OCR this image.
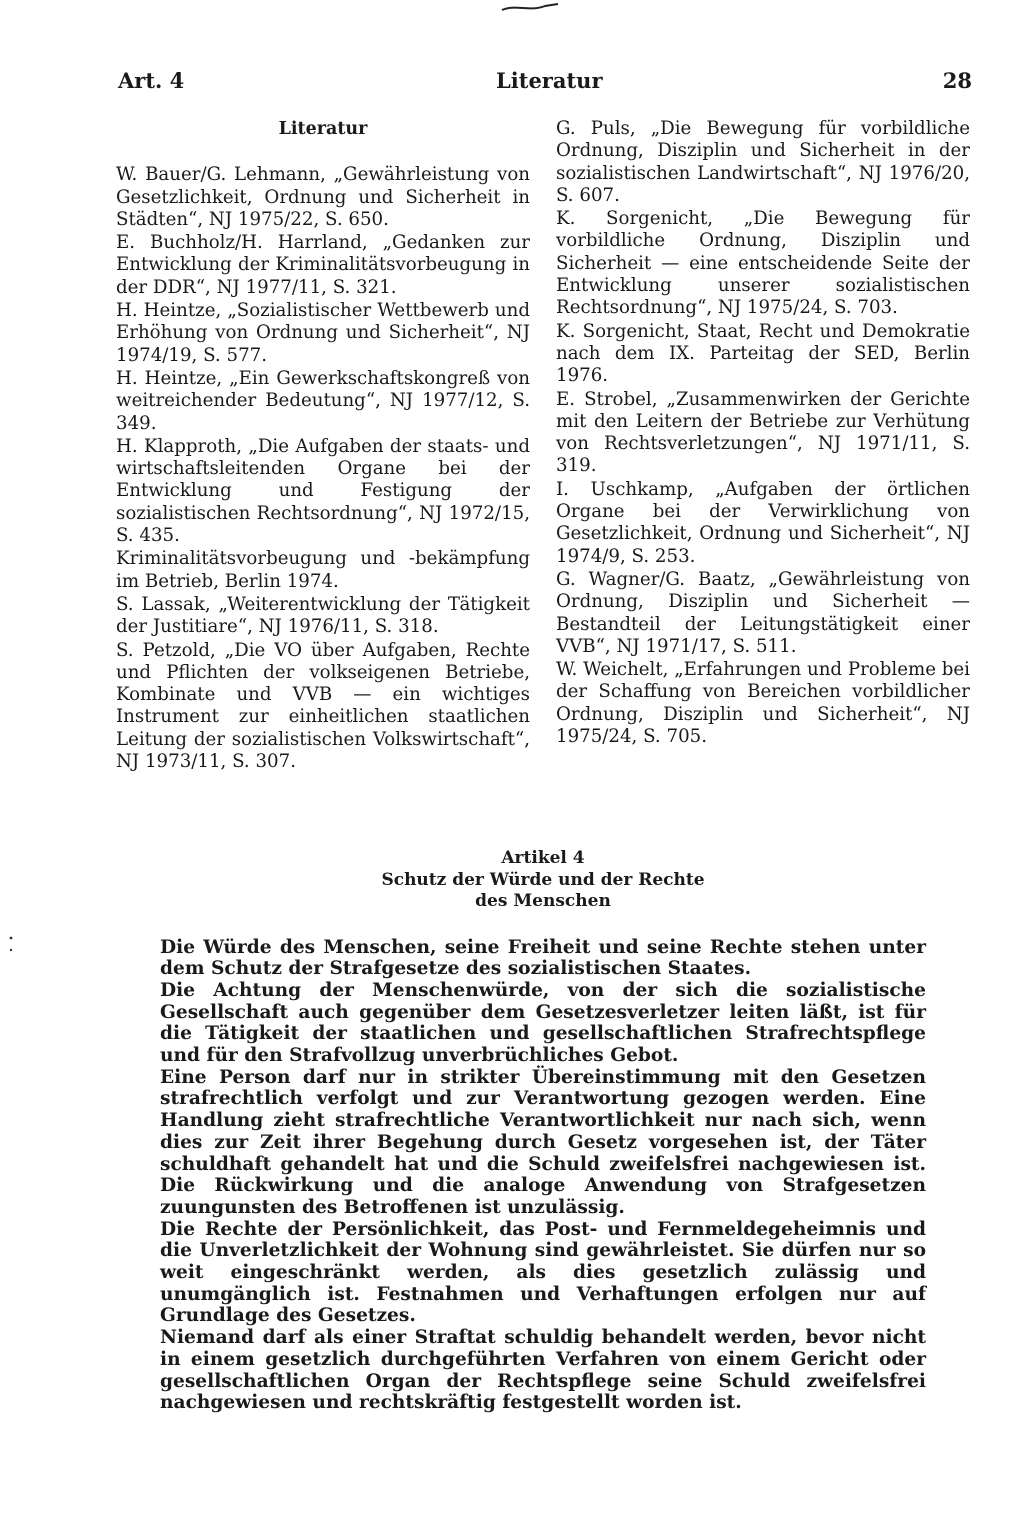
Art. 4	Literatur	28
Literatur

W. Bauer/G. Lehmann, „Gewährleistung von Gesetzlichkeit, Ordnung und Sicherheit in Städten“, NJ 1975/22, S. 650.

E. Buchholz/H. Harrland, „Gedanken zur Entwicklung der Kriminalitätsvorbeugung in der DDR“, NJ 1977/11, S. 321.

H. Heintze, „Sozialistischer Wettbewerb und Erhöhung von Ordnung und Sicherheit“, NJ 1974/19, S. 577.

H. Heintze, „Ein Gewerkschaftskongreß von weitreichender Bedeutung“, NJ 1977/12, S. 349.

H. Klapproth, „Die Aufgaben der staats- und wirtschaftsleitenden Organe bei der Entwicklung und Festigung der sozialistischen Rechtsordnung“, NJ 1972/15, S. 435.

Kriminalitätsvorbeugung und -bekämpfung im Betrieb, Berlin 1974.

S. Lassak, „Weiterentwicklung der Tätigkeit der Justitiare“, NJ 1976/11, S. 318.

S. Petzold, „Die VO über Aufgaben, Rechte und Pflichten der volkseigenen Betriebe, Kombinate und VVB — ein wichtiges Instrument zur einheitlichen staatlichen Leitung der sozialistischen Volkswirtschaft“, NJ 1973/11, S. 307.

G. Puls, „Die Bewegung für vorbildliche Ordnung, Disziplin und Sicherheit in der sozialistischen Landwirtschaft“, NJ 1976/20, S. 607.

K. Sorgenicht, „Die Bewegung für vorbildliche Ordnung, Disziplin und Sicherheit — eine entscheidende Seite der Entwicklung unserer sozialistischen Rechtsordnung“, NJ 1975/24, S. 703.

K. Sorgenicht, Staat, Recht und Demokratie nach dem IX. Parteitag der SED, Berlin 1976.

E. Strobel, „Zusammenwirken der Gerichte mit den Leitern der Betriebe zur Verhütung von Rechtsverletzungen“, NJ 1971/11, S. 319.

I. Uschkamp, „Aufgaben der örtlichen Organe bei der Verwirklichung von Gesetzlichkeit, Ordnung und Sicherheit“, NJ 1974/9, S. 253.

G. Wagner/G. Baatz, „Gewährleistung von Ordnung, Disziplin und Sicherheit — Bestandteil der Leitungstätigkeit einer VVB“, NJ 1971/17, S. 511.

W. Weichelt, „Erfahrungen und Probleme bei der Schaffung von Bereichen vorbildlicher Ordnung, Disziplin und Sicherheit“, NJ 1975/24, S. 705.

Artikel 4
Schutz der Würde und der Rechte
des Menschen

Die Würde des Menschen, seine Freiheit und seine Rechte stehen unter dem Schutz der Strafgesetze des sozialistischen Staates.

Die Achtung der Menschenwürde, von der sich die sozialistische Gesellschaft auch gegenüber dem Gesetzesverletzer leiten läßt, ist für die Tätigkeit der staatlichen und gesellschaftlichen Strafrechtspflege und für den Strafvollzug unverbrüchliches Gebot.

Eine Person darf nur in strikter Übereinstimmung mit den Gesetzen strafrechtlich verfolgt und zur Verantwortung gezogen werden. Eine Handlung zieht strafrechtliche Verantwortlichkeit nur nach sich, wenn dies zur Zeit ihrer Begehung durch Gesetz vorgesehen ist, der Täter schuldhaft gehandelt hat und die Schuld zweifelsfrei nachgewiesen ist. Die Rückwirkung und die analoge Anwendung von Strafgesetzen zuungunsten des Betroffenen ist unzulässig.

Die Rechte der Persönlichkeit, das Post- und Fernmeldegeheimnis und die Unverletzlichkeit der Wohnung sind gewährleistet. Sie dürfen nur so weit eingeschränkt werden, als dies gesetzlich zulässig und unumgänglich ist. Festnahmen und Verhaftungen erfolgen nur auf Grundlage des Gesetzes.

Niemand darf als einer Straftat schuldig behandelt werden, bevor nicht in einem gesetzlich durchgeführten Verfahren von einem Gericht oder gesellschaftlichen Organ der Rechtspflege seine Schuld zweifelsfrei nachgewiesen und rechtskräftig festgestellt worden ist.
